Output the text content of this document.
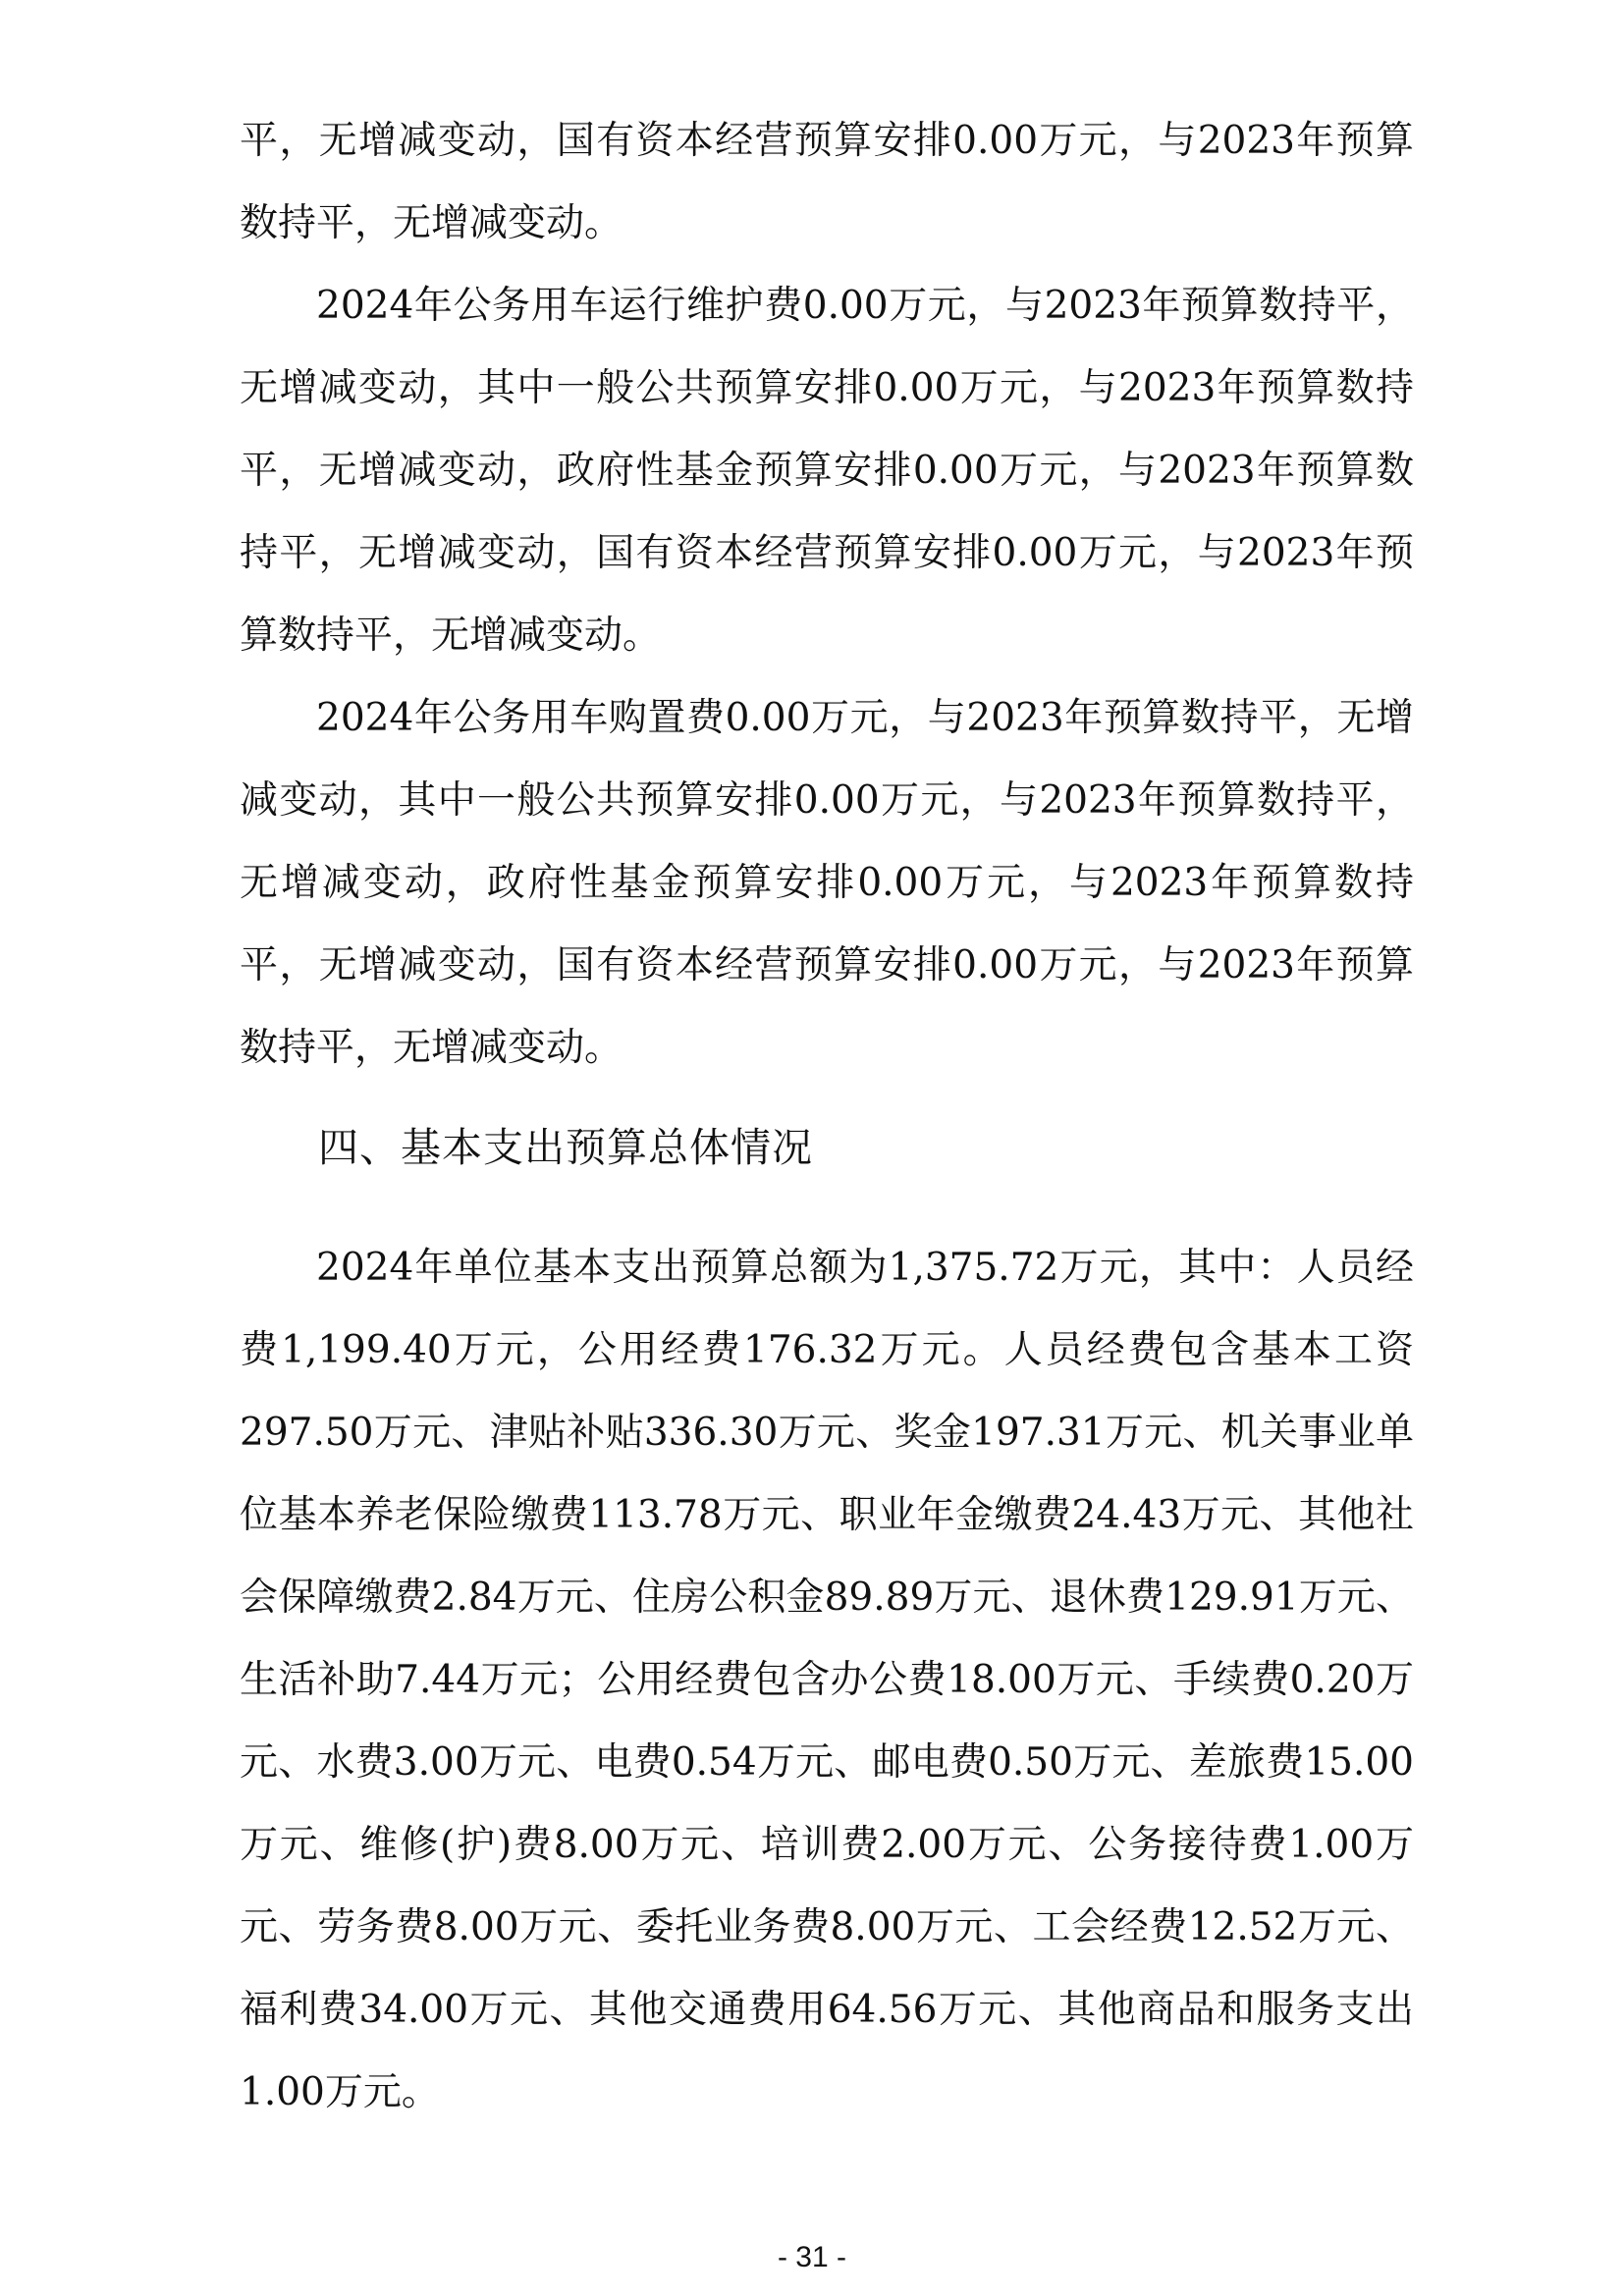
平，无增减变动，国有资本经营预算安排0.00万元，与2023年预算数持平，无增减变动。

2024年公务用车运行维护费0.00万元，与2023年预算数持平，无增减变动，其中一般公共预算安排0.00万元，与2023年预算数持平，无增减变动，政府性基金预算安排0.00万元，与2023年预算数持平，无增减变动，国有资本经营预算安排0.00万元，与2023年预算数持平，无增减变动。

2024年公务用车购置费0.00万元，与2023年预算数持平，无增减变动，其中一般公共预算安排0.00万元，与2023年预算数持平，无增减变动，政府性基金预算安排0.00万元，与2023年预算数持平，无增减变动，国有资本经营预算安排0.00万元，与2023年预算数持平，无增减变动。

四、基本支出预算总体情况

2024年单位基本支出预算总额为1,375.72万元，其中：人员经费1,199.40万元，公用经费176.32万元。人员经费包含基本工资297.50万元、津贴补贴336.30万元、奖金197.31万元、机关事业单位基本养老保险缴费113.78万元、职业年金缴费24.43万元、其他社会保障缴费2.84万元、住房公积金89.89万元、退休费129.91万元、生活补助7.44万元；公用经费包含办公费18.00万元、手续费0.20万元、水费3.00万元、电费0.54万元、邮电费0.50万元、差旅费15.00万元、维修(护)费8.00万元、培训费2.00万元、公务接待费1.00万元、劳务费8.00万元、委托业务费8.00万元、工会经费12.52万元、福利费34.00万元、其他交通费用64.56万元、其他商品和服务支出1.00万元。

- 31 -
